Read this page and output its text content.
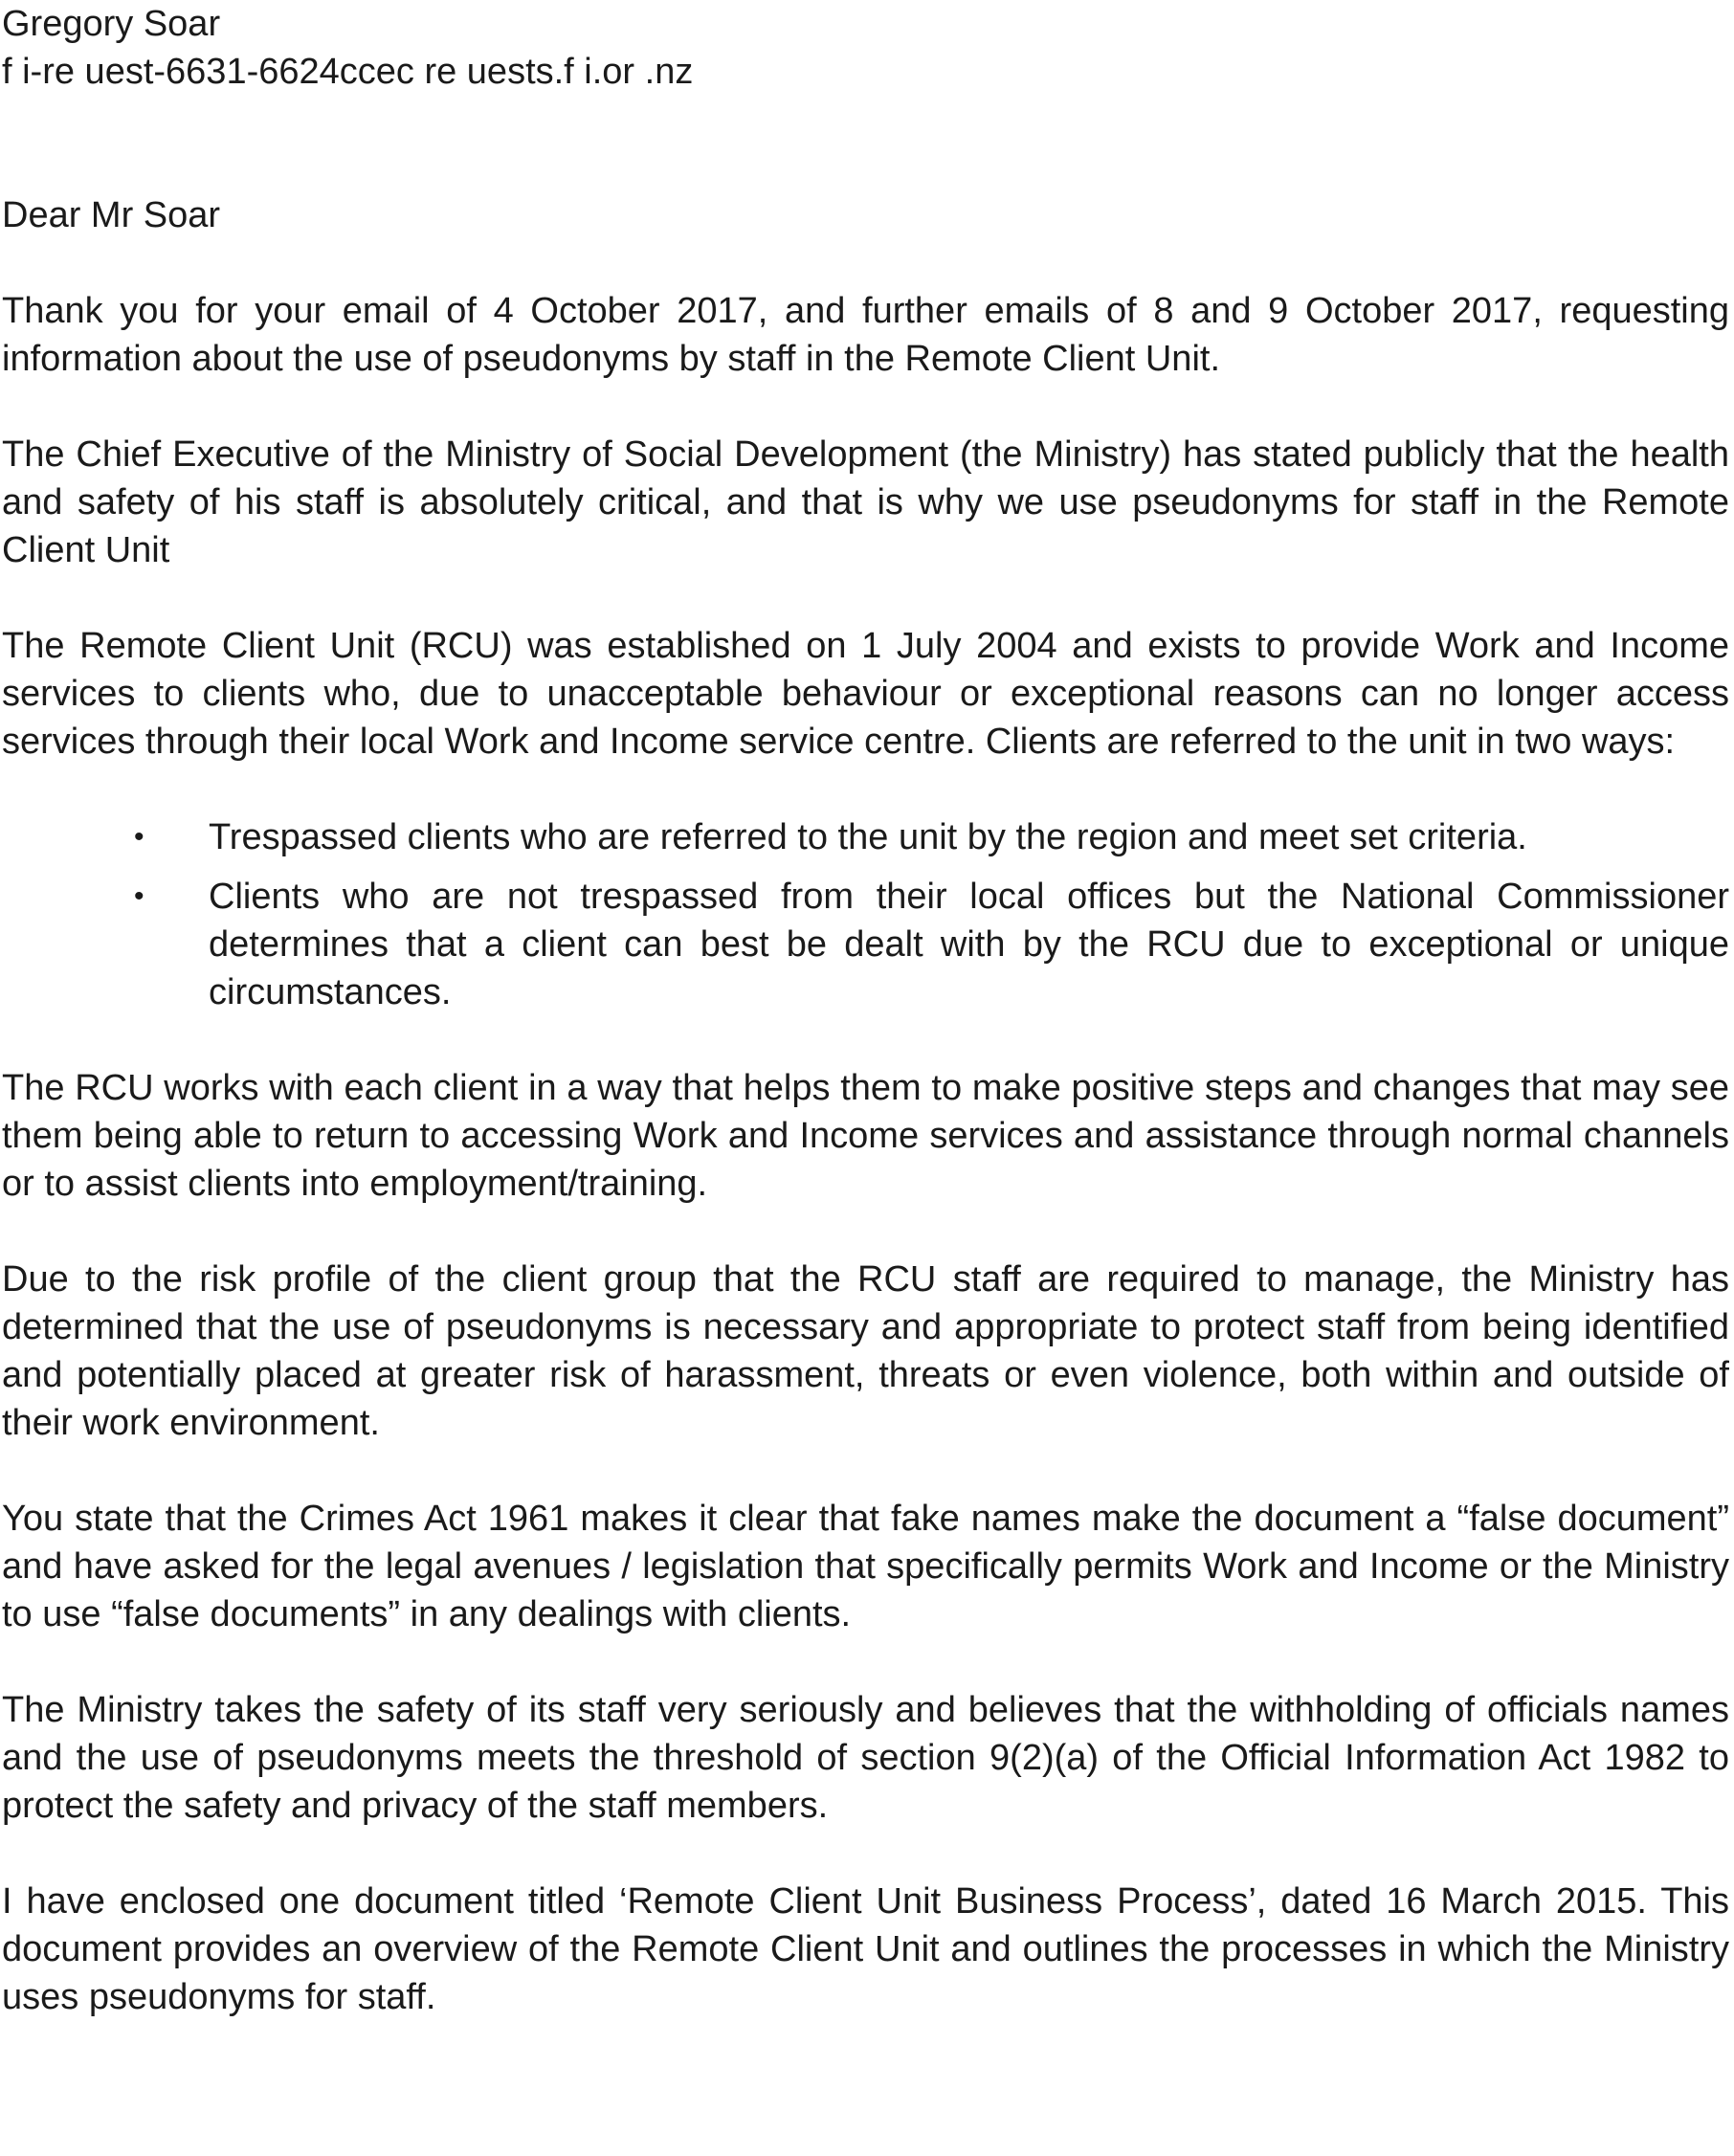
Gregory Soar
f i-re uest-6631-6624ccec re uests.f i.or .nz

Dear Mr Soar

Thank you for your email of 4 October 2017, and further emails of 8 and 9 October 2017, requesting information about the use of pseudonyms by staff in the Remote Client Unit.

The Chief Executive of the Ministry of Social Development (the Ministry) has stated publicly that the health and safety of his staff is absolutely critical, and that is why we use pseudonyms for staff in the Remote Client Unit

The Remote Client Unit (RCU) was established on 1 July 2004 and exists to provide Work and Income services to clients who, due to unacceptable behaviour or exceptional reasons can no longer access services through their local Work and Income service centre. Clients are referred to the unit in two ways:

• Trespassed clients who are referred to the unit by the region and meet set criteria.
• Clients who are not trespassed from their local offices but the National Commissioner determines that a client can best be dealt with by the RCU due to exceptional or unique circumstances.

The RCU works with each client in a way that helps them to make positive steps and changes that may see them being able to return to accessing Work and Income services and assistance through normal channels or to assist clients into employment/training.

Due to the risk profile of the client group that the RCU staff are required to manage, the Ministry has determined that the use of pseudonyms is necessary and appropriate to protect staff from being identified and potentially placed at greater risk of harassment, threats or even violence, both within and outside of their work environment.

You state that the Crimes Act 1961 makes it clear that fake names make the document a “false document” and have asked for the legal avenues / legislation that specifically permits Work and Income or the Ministry to use “false documents” in any dealings with clients.

The Ministry takes the safety of its staff very seriously and believes that the withholding of officials names and the use of pseudonyms meets the threshold of section 9(2)(a) of the Official Information Act 1982 to protect the safety and privacy of the staff members.

I have enclosed one document titled ‘Remote Client Unit Business Process’, dated 16 March 2015. This document provides an overview of the Remote Client Unit and outlines the processes in which the Ministry uses pseudonyms for staff.
